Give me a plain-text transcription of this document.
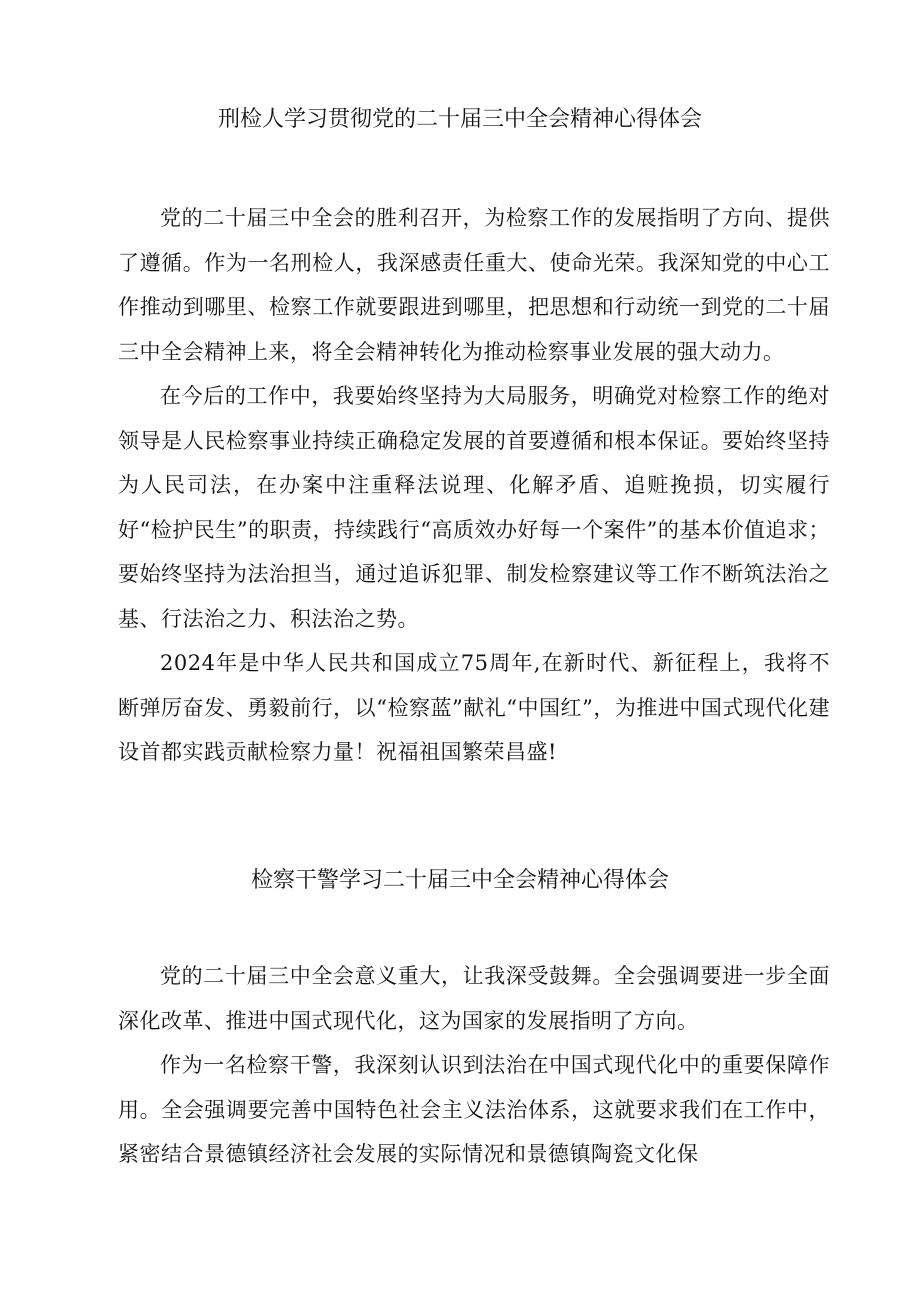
刑检人学习贯彻党的二十届三中全会精神心得体会

党的二十届三中全会的胜利召开，为检察工作的发展指明了方向、提供了遵循。作为一名刑检人，我深感责任重大、使命光荣。我深知党的中心工作推动到哪里、检察工作就要跟进到哪里，把思想和行动统一到党的二十届三中全会精神上来，将全会精神转化为推动检察事业发展的强大动力。

在今后的工作中，我要始终坚持为大局服务，明确党对检察工作的绝对领导是人民检察事业持续正确稳定发展的首要遵循和根本保证。要始终坚持为人民司法，在办案中注重释法说理、化解矛盾、追赃挽损，切实履行好“检护民生”的职责，持续践行“高质效办好每一个案件”的基本价值追求；要始终坚持为法治担当，通过追诉犯罪、制发检察建议等工作不断筑法治之基、行法治之力、积法治之势。

2024年是中华人民共和国成立75周年,在新时代、新征程上，我将不断弹厉奋发、勇毅前行，以“检察蓝”献礼“中国红”，为推进中国式现代化建设首都实践贡献检察力量！祝福祖国繁荣昌盛!

检察干警学习二十届三中全会精神心得体会

党的二十届三中全会意义重大，让我深受鼓舞。全会强调要进一步全面深化改革、推进中国式现代化，这为国家的发展指明了方向。

作为一名检察干警，我深刻认识到法治在中国式现代化中的重要保障作用。全会强调要完善中国特色社会主义法治体系，这就要求我们在工作中，紧密结合景德镇经济社会发展的实际情况和景德镇陶瓷文化保
